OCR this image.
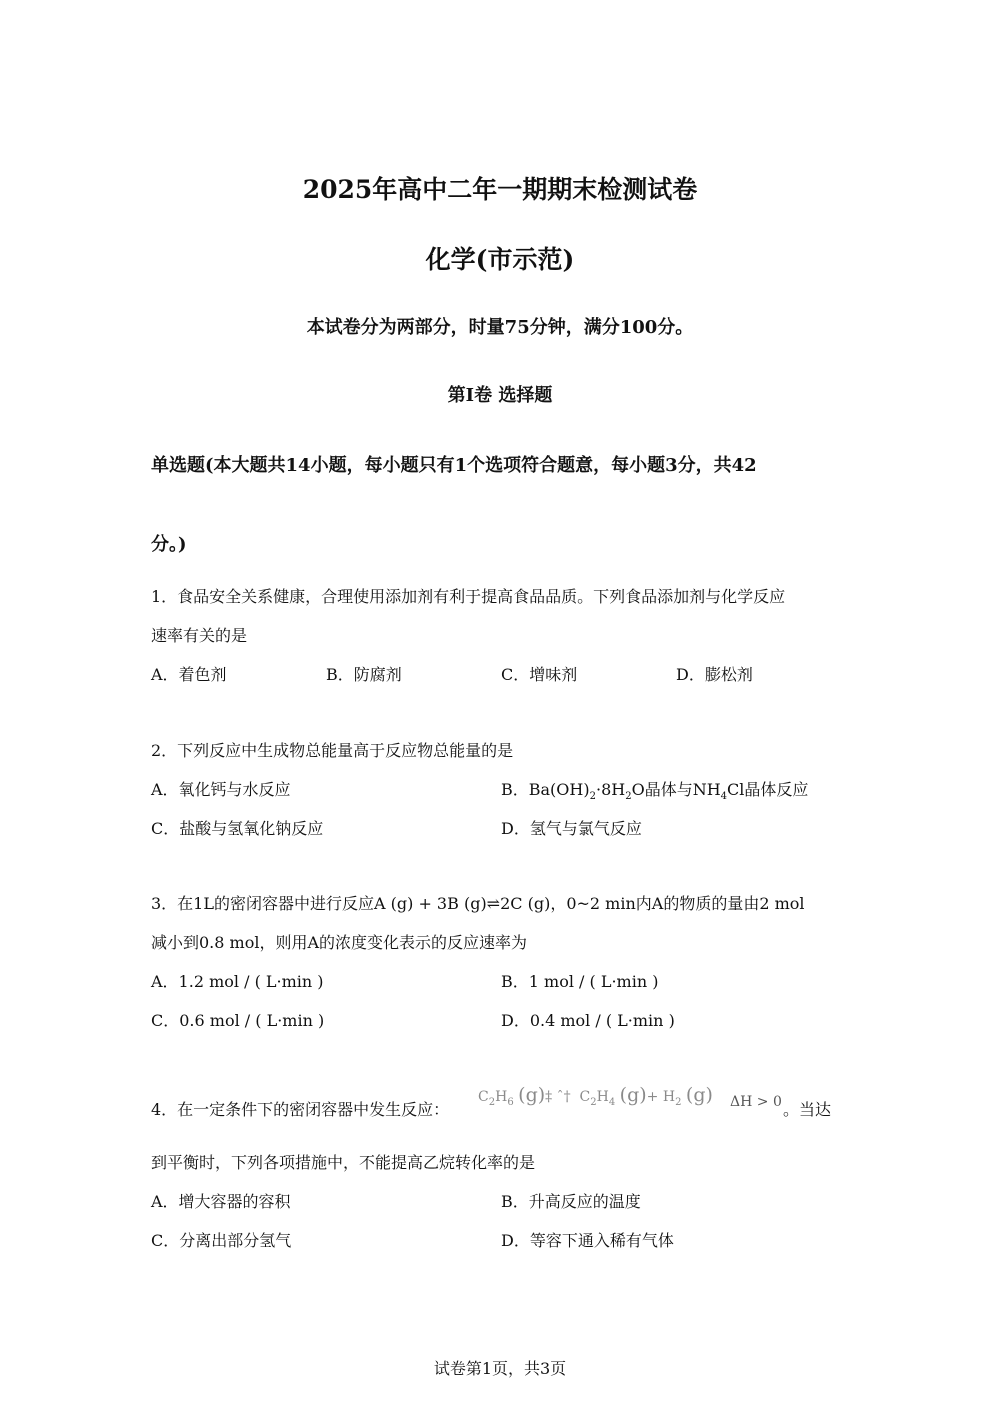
2025年高中二年一期期末检测试卷
化学(市示范)
本试卷分为两部分，时量75分钟，满分100分。
第I卷 选择题
单选题(本大题共14小题，每小题只有1个选项符合题意，每小题3分，共42
分。)
1．食品安全关系健康，合理使用添加剂有利于提高食品品质。下列食品添加剂与化学反应
速率有关的是
A．着色剂	B．防腐剂	C．增味剂	D．膨松剂
2．下列反应中生成物总能量高于反应物总能量的是
A．氧化钙与水反应	B．$Ba(OH)_2\cdot 8H_2O$晶体与$NH_4Cl$晶体反应
C．盐酸与氢氧化钠反应	D．氢气与氯气反应
3．在1L的密闭容器中进行反应A (g) + 3B (g)⇌2C (g)，0~2 min内A的物质的量由2 mol
减小到0.8 mol，则用A的浓度变化表示的反应速率为
A．1.2 mol / ( L·min )	B．1 mol / ( L·min )
C．0.6 mol / ( L·min )	D．0.4 mol / ( L·min )
4．在一定条件下的密闭容器中发生反应：
$C_2H_6$ (g)‡ ˆ† $C_2H_4$ $(g)+ H_2$ (g) ΔH > 0 。当达
到平衡时，下列各项措施中，不能提高乙烷转化率的是
A．增大容器的容积	B．升高反应的温度
C．分离出部分氢气	D．等容下通入稀有气体
试卷第1页，共3页
